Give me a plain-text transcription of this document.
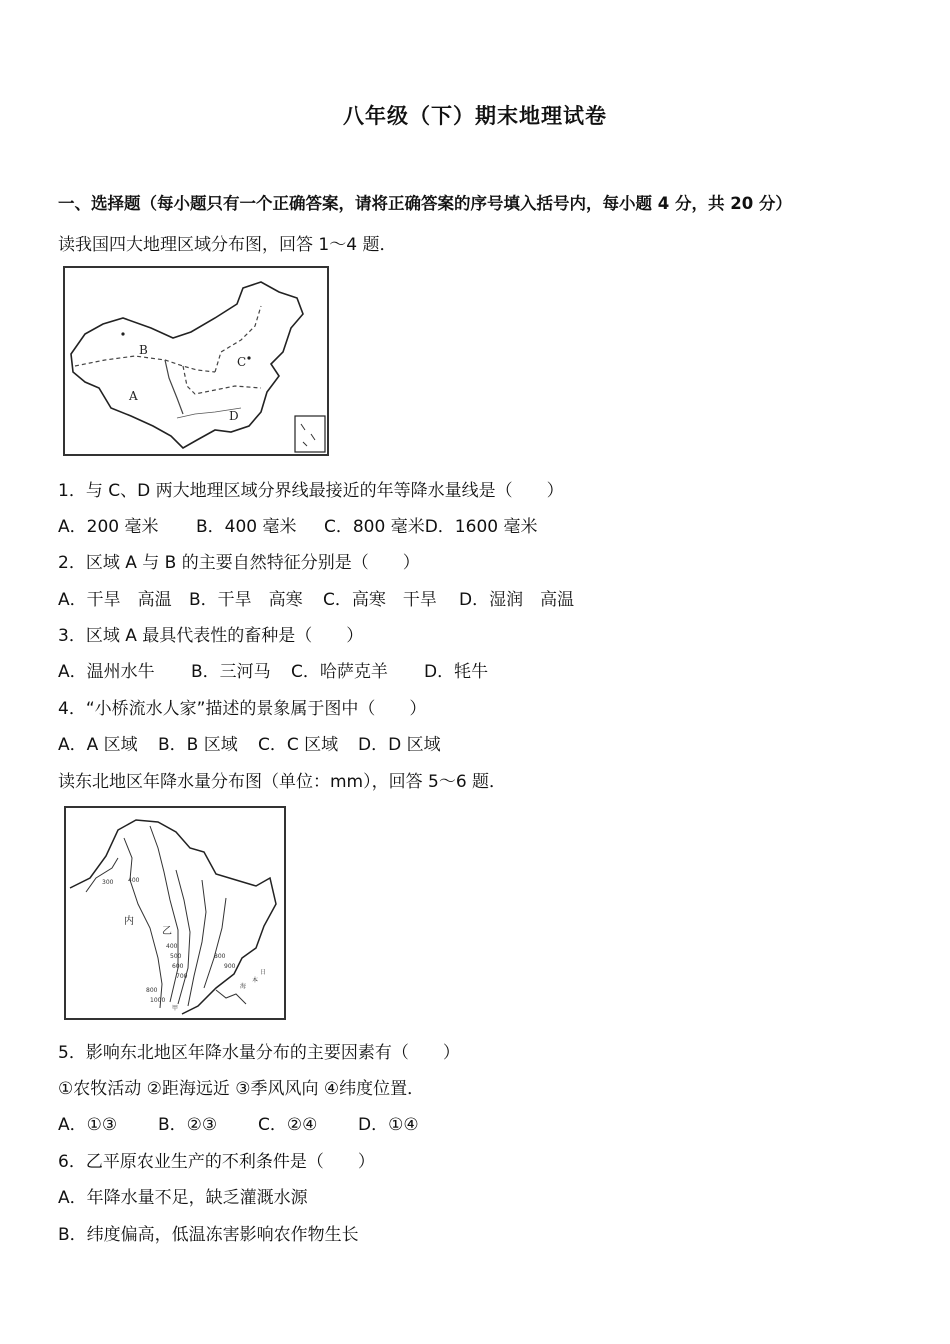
八年级（下）期末地理试卷
一、选择题（每小题只有一个正确答案，请将正确答案的序号填入括号内，每小题 4 分，共 20 分）
读我国四大地理区域分布图，回答 1～4 题．
B
C
A
D
1．与 C、D 两大地理区域分界线最接近的年等降水量线是（　　）
A．200 毫米	B．400 毫米	C．800 毫米D．1600 毫米
2．区域 A 与 B 的主要自然特征分别是（　　）
A．干旱　高温	B．干旱　高寒	C．高寒　干旱	D．湿润　高温
3．区域 A 最具代表性的畜种是（　　）
A．温州水牛	B．三河马	C．哈萨克羊	D．牦牛
4．“小桥流水人家”描述的景象属于图中（　　）
A．A 区域	B．B 区域	C．C 区域	D．D 区域
读东北地区年降水量分布图（单位：mm），回答 5～6 题．
300 400
内
乙
400
500
600
700
800
1000
800
900
日
本
海
甲
5．影响东北地区年降水量分布的主要因素有（　　）
①农牧活动 ②距海远近 ③季风风向 ④纬度位置．
A．①③	B．②③	C．②④	D．①④
6．乙平原农业生产的不利条件是（　　）
A．年降水量不足，缺乏灌溉水源
B．纬度偏高，低温冻害影响农作物生长
